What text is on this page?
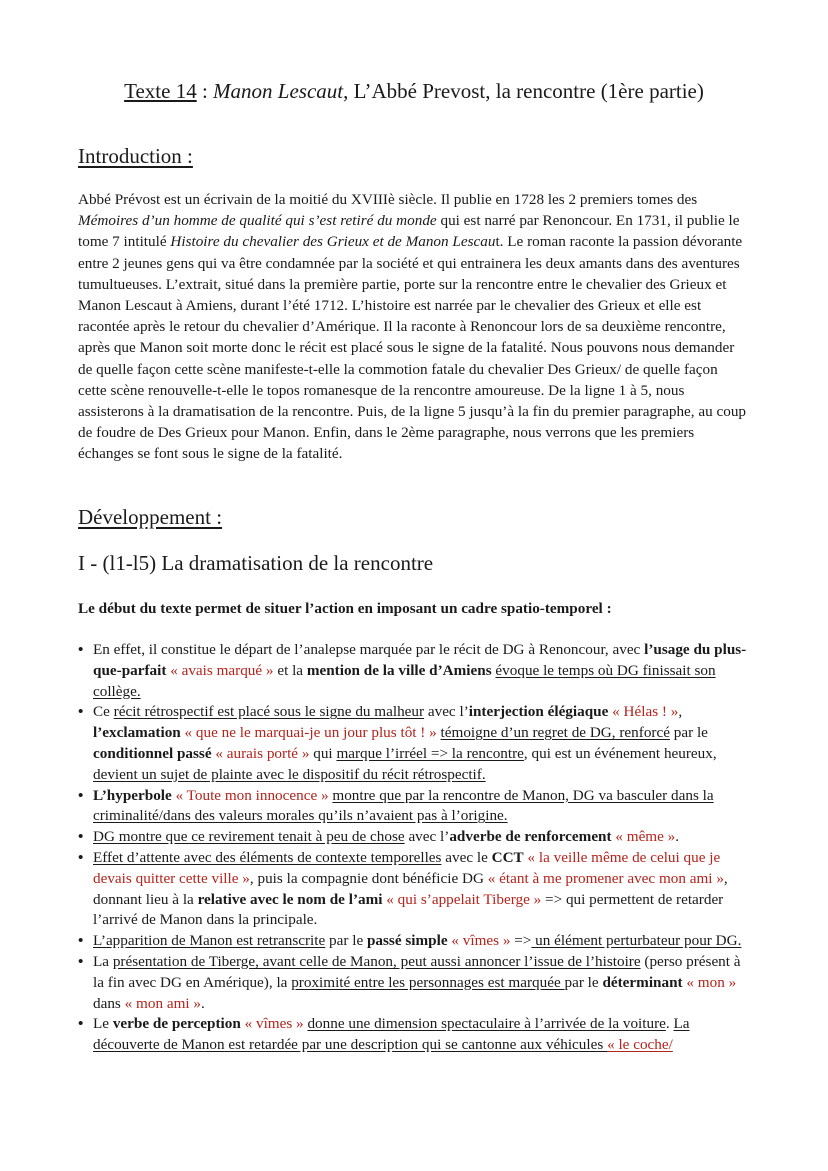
Texte 14 : Manon Lescaut, L’Abbé Prevost, la rencontre (1ère partie)
Introduction :

Abbé Prévost est un écrivain de la moitié du XVIIIè siècle. Il publie en 1728 les 2 premiers tomes des Mémoires d’un homme de qualité qui s’est retiré du monde qui est narré par Renoncour. En 1731, il publie le tome 7 intitulé Histoire du chevalier des Grieux et de Manon Lescaut. Le roman raconte la passion dévorante entre 2 jeunes gens qui va être condamnée par la société et qui entrainera les deux amants dans des aventures tumultueuses. L’extrait, situé dans la première partie, porte sur la rencontre entre le chevalier des Grieux et Manon Lescaut à Amiens, durant l’été 1712. L’histoire est narrée par le chevalier des Grieux et elle est racontée après le retour du chevalier d’Amérique. Il la raconte à Renoncour lors de sa deuxième rencontre, après que Manon soit morte donc le récit est placé sous le signe de la fatalité. Nous pouvons nous demander de quelle façon cette scène manifeste-t-elle la commotion fatale du chevalier Des Grieux/ de quelle façon cette scène renouvelle-t-elle le topos romanesque de la rencontre amoureuse. De la ligne 1 à 5, nous assisterons à la dramatisation de la rencontre. Puis, de la ligne 5 jusqu’à la fin du premier paragraphe, au coup de foudre de Des Grieux pour Manon. Enfin, dans le 2ème paragraphe, nous verrons que les premiers échanges se font sous le signe de la fatalité.

Développement :
I - (l1-l5) La dramatisation de la rencontre
Le début du texte permet de situer l’action en imposant un cadre spatio-temporel :
• En effet, il constitue le départ de l’analepse marquée par le récit de DG à Renoncour, avec l’usage du plus-que-parfait « avais marqué » et la mention de la ville d’Amiens évoque le temps où DG finissait son collège.
• Ce récit rétrospectif est placé sous le signe du malheur avec l’interjection élégiaque « Hélas ! », l’exclamation « que ne le marquai-je un jour plus tôt ! » témoigne d’un regret de DG, renforcé par le conditionnel passé « aurais porté » qui marque l’irréel => la rencontre, qui est un événement heureux, devient un sujet de plainte avec le dispositif du récit rétrospectif.
• L’hyperbole « Toute mon innocence » montre que par la rencontre de Manon, DG va basculer dans la criminalité/dans des valeurs morales qu’ils n’avaient pas à l’origine.
• DG montre que ce revirement tenait à peu de chose avec l’adverbe de renforcement « même ».
• Effet d’attente avec des éléments de contexte temporelles avec le CCT « la veille même de celui que je devais quitter cette ville », puis la compagnie dont bénéficie DG « étant à me promener avec mon ami », donnant lieu à la relative avec le nom de l’ami « qui s’appelait Tiberge » => qui permettent de retarder l’arrivé de Manon dans la principale.
• L’apparition de Manon est retranscrite par le passé simple « vîmes » => un élément perturbateur pour DG.
• La présentation de Tiberge, avant celle de Manon, peut aussi annoncer l’issue de l’histoire (perso présent à la fin avec DG en Amérique), la proximité entre les personnages est marquée par le déterminant « mon » dans « mon ami ».
• Le verbe de perception « vîmes » donne une dimension spectaculaire à l’arrivée de la voiture. La découverte de Manon est retardée par une description qui se cantonne aux véhicules « le coche/
